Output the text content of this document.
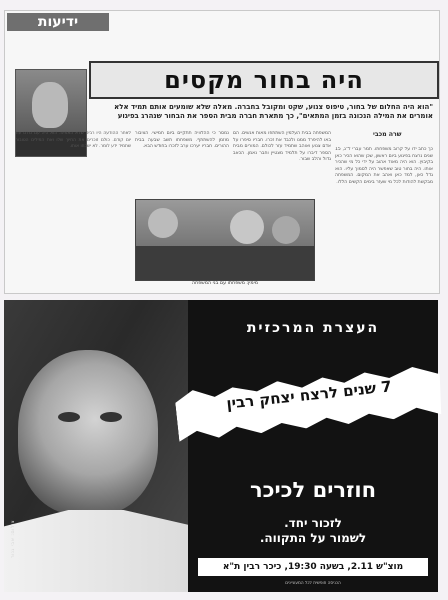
ידיעות
היה בחור מקסים
"הוא היה החלום של בחור, טיפוס צנוע, שקט ומקובל בחברה. מאלה שלא שומעים אותם תמיד אלא אומרים את המילה הנכונה בזמן המתאים", כך מתארת חברה מבית הספר את הבחור שנהרג בפיגוע
שרה מכבי
כך כתב ידו על קרוב משפחתו. תמר עברי ל"ג, 15 שנים נרצח בפיגוע ביום ראשון, שכן שהוא הכיר כאן בקיבוץ. הוא היה מאוד אהוב על ידי כל מי שהכיר אותו. היה בחור טוב שאפשר היה לסמוך עליו. הוא גדל כאן, למד כאן ואהב את המקום. המשפחה מבקשת להודות לכל מי שעזר בימים הקשים הללו.
המשפחה בבית העלמין השתתפו מאות אנשים. הם באו להיפרד ממנו ולכבד את זכרו. חבריו סיפרו על אדם צנוע ואוהב שתמיד עזר לכולם. המורים מבית הספר דיברו על תלמיד מצטיין וחבר נאמן. הכאב גדול והלב שבור.
נמסר כי ההלוויה תתקיים ביום חמישי. הציבור מוזמן להשתתף. משפחתו תשב שבעה בבית ההורים. חבריו יערכו ערב לזכרו בחודש הבא.
לאחר ההודעה היו רבים שלא האמינו. הוא היה עם כולם עוד יום קודם. כולם זוכרים את החיוך שלו ואת המילים הטובות שתמיד ידע לומר. לא ישכחו אותו.
מימין: משפחתו עם בני המשפחה
צילום: אבי גנור
העצרת המרכזית
7 שנים לרצח יצחק רבין
חוזרים לכיכר
לזכור יחד.
לשמור על התקווה.
מוצ"ש 2.11, בשעה 19:30, כיכר רבין ת"א
הכניסה חופשית לכל המעוניינים
